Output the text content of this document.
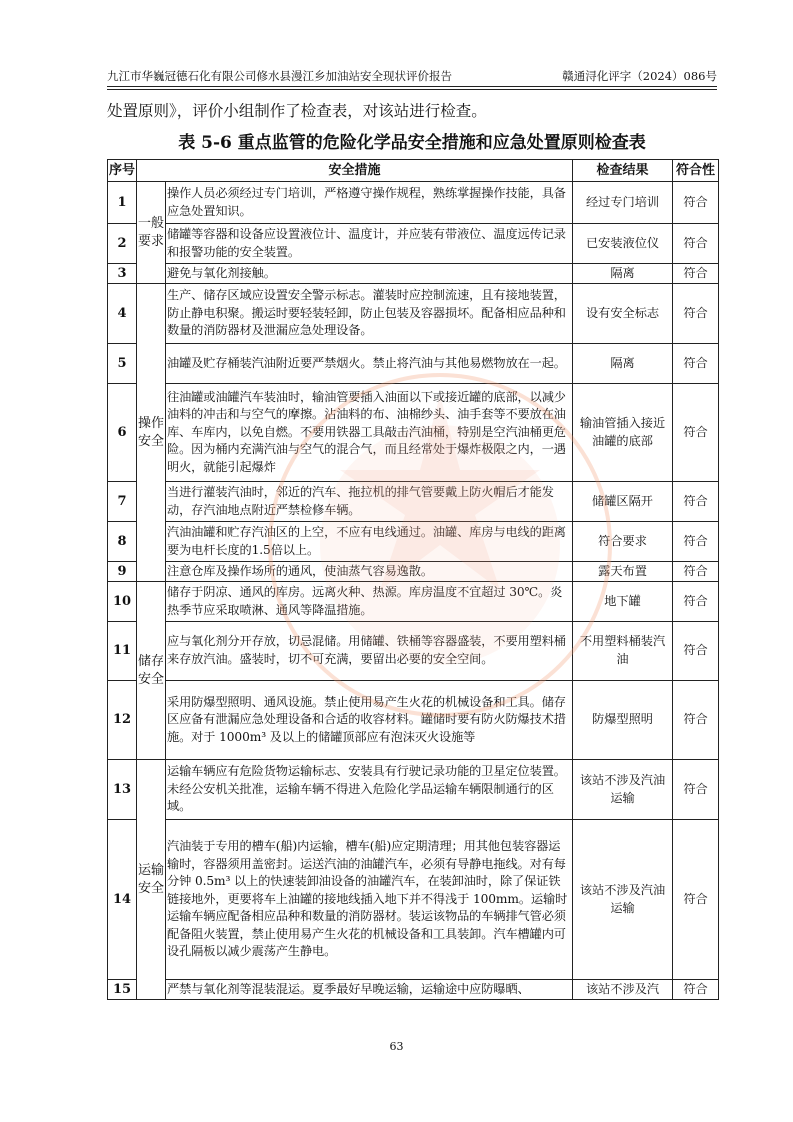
九江市华巍冠德石化有限公司修水县漫江乡加油站安全现状评价报告	赣通浔化评字（2024）086号
处置原则》，评价小组制作了检查表，对该站进行检查。
表 5-6 重点监管的危险化学品安全措施和应急处置原则检查表
序号	安全措施		检查结果	符合性
1	一般要求	操作人员必须经过专门培训，严格遵守操作规程，熟练掌握操作技能，具备应急处置知识。	经过专门培训	符合
2		储罐等容器和设备应设置液位计、温度计，并应装有带液位、温度远传记录和报警功能的安全装置。	已安装液位仪	符合
3		避免与氧化剂接触。	隔离	符合
4	操作安全	生产、储存区域应设置安全警示标志。灌装时应控制流速，且有接地装置，防止静电积聚。搬运时要轻装轻卸，防止包装及容器损坏。配备相应品种和数量的消防器材及泄漏应急处理设备。	设有安全标志	符合
5		油罐及贮存桶装汽油附近要严禁烟火。禁止将汽油与其他易燃物放在一起。	隔离	符合
6		往油罐或油罐汽车装油时，输油管要插入油面以下或接近罐的底部，以减少油料的冲击和与空气的摩擦。沾油料的布、油棉纱头、油手套等不要放在油库、车库内，以免自燃。不要用铁器工具敲击汽油桶，特别是空汽油桶更危险。因为桶内充满汽油与空气的混合气，而且经常处于爆炸极限之内，一遇明火，就能引起爆炸	输油管插入接近油罐的底部	符合
7		当进行灌装汽油时，邻近的汽车、拖拉机的排气管要戴上防火帽后才能发动，存汽油地点附近严禁检修车辆。	储罐区隔开	符合
8		汽油油罐和贮存汽油区的上空，不应有电线通过。油罐、库房与电线的距离要为电杆长度的1.5倍以上。	符合要求	符合
9		注意仓库及操作场所的通风，使油蒸气容易逸散。	露天布置	符合
10	储存安全	储存于阴凉、通风的库房。远离火种、热源。库房温度不宜超过 30℃。炎热季节应采取喷淋、通风等降温措施。	地下罐	符合
11		应与氧化剂分开存放，切忌混储。用储罐、铁桶等容器盛装，不要用塑料桶来存放汽油。盛装时，切不可充满，要留出必要的安全空间。	不用塑料桶装汽油	符合
12		采用防爆型照明、通风设施。禁止使用易产生火花的机械设备和工具。储存区应备有泄漏应急处理设备和合适的收容材料。罐储时要有防火防爆技术措施。对于 1000m³ 及以上的储罐顶部应有泡沫灭火设施等	防爆型照明	符合
13	运输安全	运输车辆应有危险货物运输标志、安装具有行驶记录功能的卫星定位装置。未经公安机关批准，运输车辆不得进入危险化学品运输车辆限制通行的区域。	该站不涉及汽油运输	符合
14		汽油装于专用的槽车(船)内运输，槽车(船)应定期清理；用其他包装容器运输时，容器须用盖密封。运送汽油的油罐汽车，必须有导静电拖线。对有每分钟 0.5m³ 以上的快速装卸油设备的油罐汽车，在装卸油时，除了保证铁链接地外，更要将车上油罐的接地线插入地下并不得浅于 100mm。运输时运输车辆应配备相应品种和数量的消防器材。装运该物品的车辆排气管必须配备阻火装置，禁止使用易产生火花的机械设备和工具装卸。汽车槽罐内可设孔隔板以减少震荡产生静电。	该站不涉及汽油运输	符合
15		严禁与氧化剂等混装混运。夏季最好早晚运输，运输途中应防曝晒、	该站不涉及汽	符合
63
